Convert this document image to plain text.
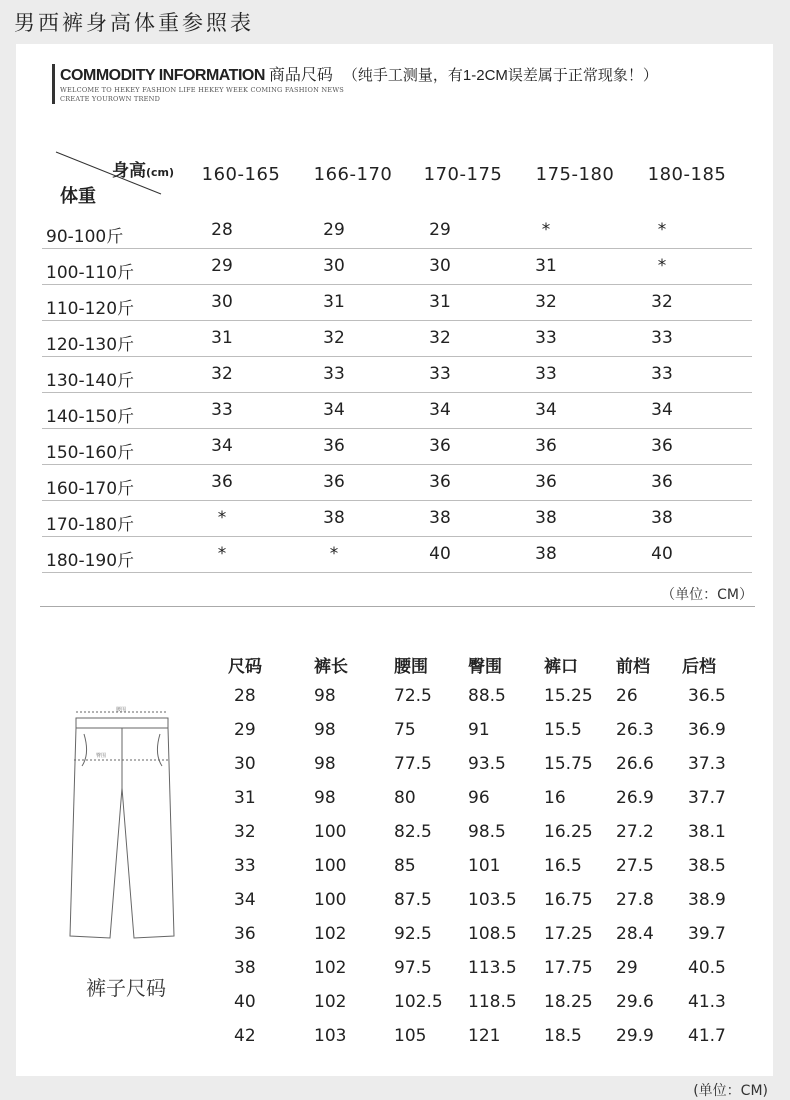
男西裤身高体重参照表
COMMODITY INFORMATION 商品尺码 （纯手工测量，有1-2CM误差属于正常现象！）
WELCOME TO HEKEY FASHION LIFE HEKEY WEEK COMING FASHION NEWS
CREATE YOUROWN TREND
身高(cm)
体重
160-165	166-170	170-175	175-180	180-185
90-100斤	28	29	29	*	*
100-110斤	29	30	30	31	*
110-120斤	30	31	31	32	32
120-130斤	31	32	32	33	33
130-140斤	32	33	33	33	33
140-150斤	33	34	34	34	34
150-160斤	34	36	36	36	36
160-170斤	36	36	36	36	36
170-180斤	*	38	38	38	38
180-190斤	*	*	40	38	40
（单位：CM）
腰围
臀围
裤子尺码
尺码	裤长	腰围 臀围 裤口 前档 后档
28	98	72.5 88.5 15.25 26	36.5
29	98	75	91	15.5 26.3 36.9
30	98	77.5 93.5 15.75 26.6 37.3
31	98	80	96	16	26.9 37.7
32	100	82.5 98.5 16.25 27.2 38.1
33	100	85	101	16.5 27.5 38.5
34	100	87.5 103.5 16.75 27.8 38.9
36	102	92.5 108.5 17.25 28.4 39.7
38	102	97.5 113.5 17.75 29	40.5
40	102	102.5 118.5 18.25 29.6 41.3
42	103	105 121	18.5 29.9 41.7
(单位：CM)
